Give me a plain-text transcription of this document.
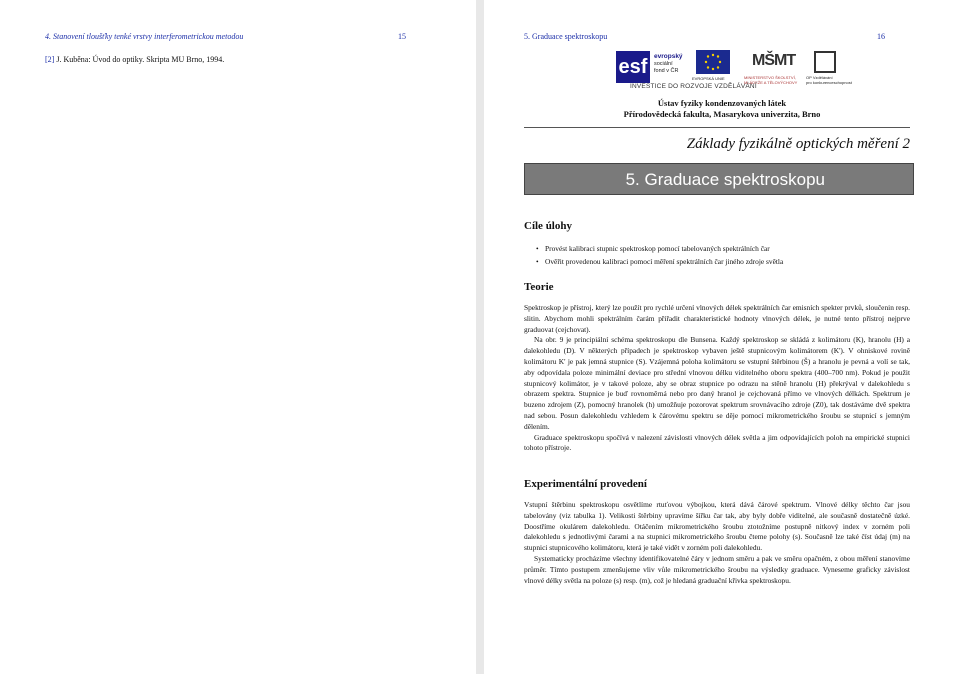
4. Stanovení tloušťky tenké vrstvy interferometrickou metodou	15
[2] J. Kuběna: Úvod do optiky. Skripta MU Brno, 1994.
5. Graduace spektroskopu	16
esf	evropský
sociální
fond v ČR
EVROPSKÁ UNIE
MŠMT
MINISTERSTVO ŠKOLSTVÍ,
MLÁDEŽE A TĚLOVÝCHOVY
OP Vzdělávání
pro konkurenceschopnost
INVESTICE DO ROZVOJE VZDĚLÁVÁNÍ
Ústav fyziky kondenzovaných látek
Přírodovědecká fakulta, Masarykova univerzita, Brno
Základy fyzikálně optických měření 2
5. Graduace spektroskopu
Cíle úlohy
• Provést kalibraci stupnic spektroskop pomocí tabelovaných spektrálních čar
• Ověřit provedenou kalibraci pomocí měření spektrálních čar jiného zdroje světla
Teorie

Spektroskop je přístroj, který lze použít pro rychlé určení vlnových délek spektrálních čar emisních spekter prvků, sloučenin resp. slitin. Abychom mohli spektrálním čarám přiřadit charakteristické hodnoty vlnových délek, je nutné tento přístroj nejprve graduovat (cejchovat).

Na obr. 9 je principiální schéma spektroskopu dle Bunsena. Každý spektroskop se skládá z kolimátoru (K), hranolu (H) a dalekohledu (D). V některých případech je spektroskop vybaven ještě stupnicovým kolimátorem (K'). V ohniskové rovině kolimátoru K' je pak jemná stupnice (S). Vzájemná poloha kolimátoru se vstupní štěrbinou (Š) a hranolu je pevná a volí se tak, aby odpovídala poloze minimální deviace pro střední vlnovou délku viditelného oboru spektra (400–700 nm). Pokud je použit stupnicový kolimátor, je v takové poloze, aby se obraz stupnice po odrazu na stěně hranolu (H) překrýval v dalekohledu s obrazem spektra. Stupnice je buď rovnoměrná nebo pro daný hranol je cejchovaná přímo ve vlnových délkách. Spektrum je buzeno zdrojem (Z), pomocný hranolek (h) umožňuje pozorovat spektrum srovnávacího zdroje (Z0), tak dostáváme dvě spektra nad sebou. Posun dalekohledu vzhledem k čárovému spektru se děje pomocí mikrometrického šroubu se stupnicí s jemným dělením.

Graduace spektroskopu spočívá v nalezení závislosti vlnových délek světla a jim odpovídajících poloh na empirické stupnici tohoto přístroje.

Experimentální provedení

Vstupní štěrbinu spektroskopu osvětlíme rtuťovou výbojkou, která dává čárové spektrum. Vlnové délky těchto čar jsou tabelovány (viz tabulka 1). Velikosti štěrbiny upravíme šířku čar tak, aby byly dobře viditelné, ale současně dostatečně úzké. Doostříme okulárem dalekohledu. Otáčením mikrometrického šroubu ztotožníme postupně nitkový index v zorném poli dalekohledu s jednotlivými čarami a na stupnici mikrometrického šroubu čteme polohy (s). Současně lze také číst údaj (m) na stupnici stupnicového kolimátoru, která je také vidět v zorném poli dalekohledu.

Systematicky procházíme všechny identifikovatelné čáry v jednom směru a pak ve směru opačném, z obou měření stanovíme průměr. Tímto postupem zmenšujeme vliv vůle mikrometrického šroubu na výsledky graduace. Vyneseme graficky závislost vlnové délky světla na poloze (s) resp. (m), což je hledaná graduační křivka spektroskopu.
